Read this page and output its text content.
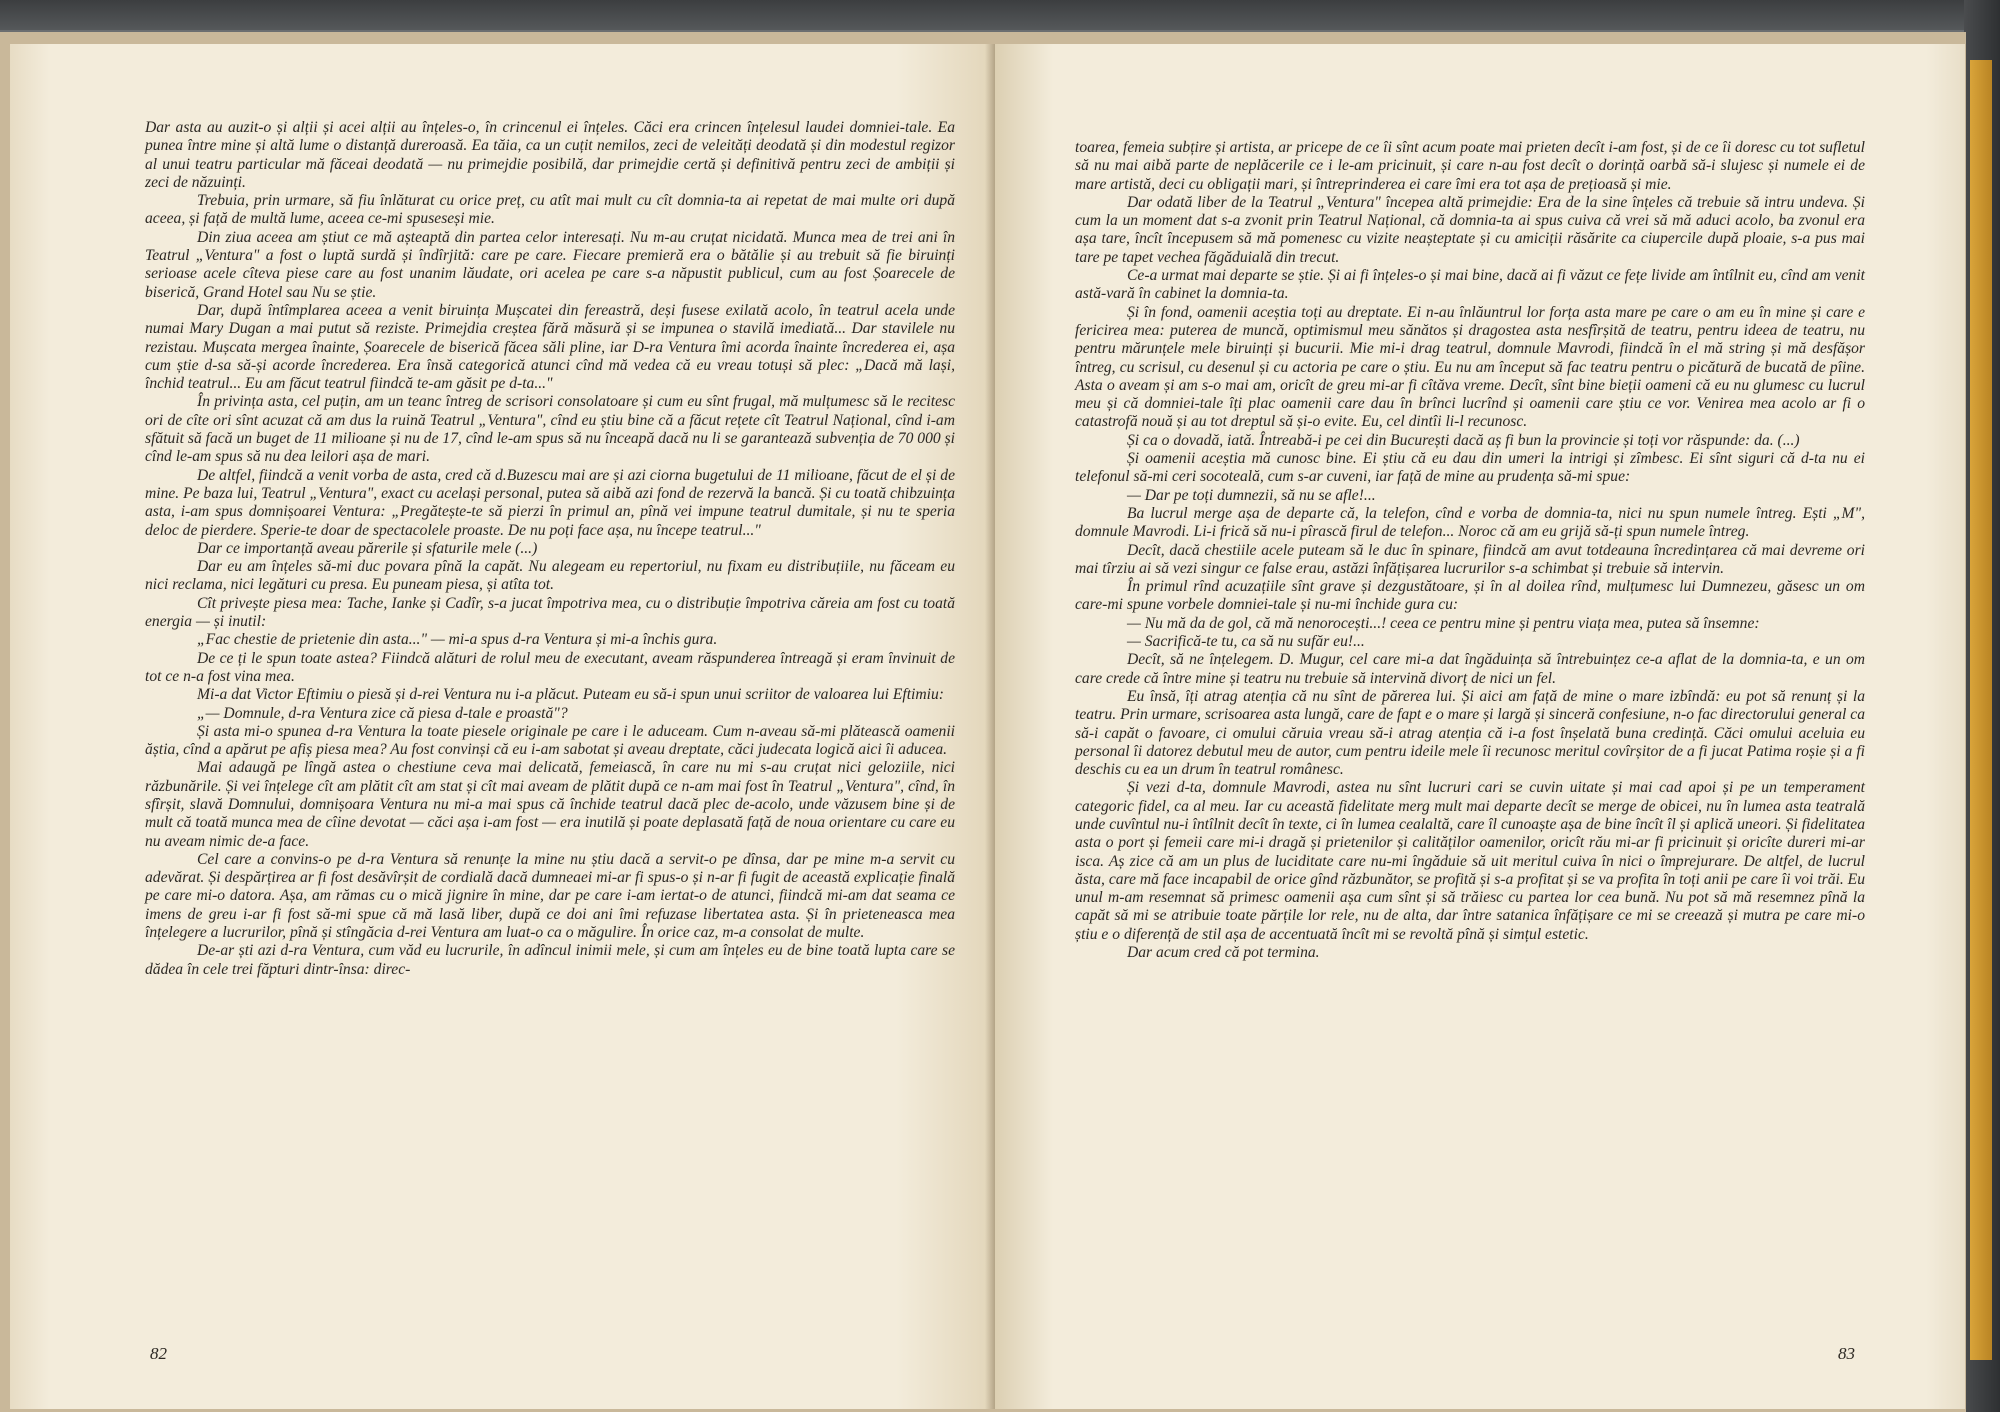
Dar asta au auzit-o și alții și acei alții au înțeles-o, în crincenul ei înțeles. Căci era crincen înțelesul laudei domniei-tale. Ea punea între mine și altă lume o distanță dureroasă. Ea tăia, ca un cuțit nemilos, zeci de veleități deodată și din modestul regizor al unui teatru particular mă făceai deodată — nu primejdie posibilă, dar primejdie certă și definitivă pentru zeci de ambiții și zeci de năzuinți.

Trebuia, prin urmare, să fiu înlăturat cu orice preț, cu atît mai mult cu cît domnia-ta ai repetat de mai multe ori după aceea, și față de multă lume, aceea ce-mi spuseseși mie.

Din ziua aceea am știut ce mă așteaptă din partea celor interesați. Nu m-au cruțat nicidată. Munca mea de trei ani în Teatrul „Ventura" a fost o luptă surdă și îndîrjită: care pe care. Fiecare premieră era o bătălie și au trebuit să fie biruinți serioase acele cîteva piese care au fost unanim lăudate, ori acelea pe care s-a năpustit publicul, cum au fost Șoarecele de biserică, Grand Hotel sau Nu se știe.

Dar, după întîmplarea aceea a venit biruința Mușcatei din fereastră, deși fusese exilată acolo, în teatrul acela unde numai Mary Dugan a mai putut să reziste. Primejdia creștea fără măsură și se impunea o stavilă imediată... Dar stavilele nu rezistau. Mușcata mergea înainte, Șoarecele de biserică făcea săli pline, iar D-ra Ventura îmi acorda înainte încrederea ei, așa cum știe d-sa să-și acorde încrederea. Era însă categorică atunci cînd mă vedea că eu vreau totuși să plec: „Dacă mă lași, închid teatrul... Eu am făcut teatrul fiindcă te-am găsit pe d-ta..."

În privința asta, cel puțin, am un teanc întreg de scrisori consolatoare și cum eu sînt frugal, mă mulțumesc să le recitesc ori de cîte ori sînt acuzat că am dus la ruină Teatrul „Ventura", cînd eu știu bine că a făcut rețete cît Teatrul Național, cînd i-am sfătuit să facă un buget de 11 milioane și nu de 17, cînd le-am spus să nu înceapă dacă nu li se garantează subvenția de 70 000 și cînd le-am spus să nu dea leilori așa de mari.

De altfel, fiindcă a venit vorba de asta, cred că d.Buzescu mai are și azi ciorna bugetului de 11 milioane, făcut de el și de mine. Pe baza lui, Teatrul „Ventura", exact cu același personal, putea să aibă azi fond de rezervă la bancă. Și cu toată chibzuința asta, i-am spus domnișoarei Ventura: „Pregătește-te să pierzi în primul an, pînă vei impune teatrul dumitale, și nu te speria deloc de pierdere. Sperie-te doar de spectacolele proaste. De nu poți face așa, nu începe teatrul..."

Dar ce importanță aveau părerile și sfaturile mele (...)

Dar eu am înțeles să-mi duc povara pînă la capăt. Nu alegeam eu repertoriul, nu fixam eu distribuțiile, nu făceam eu nici reclama, nici legături cu presa. Eu puneam piesa, și atîta tot.

Cît privește piesa mea: Tache, Ianke și Cadîr, s-a jucat împotriva mea, cu o distribuție împotriva căreia am fost cu toată energia — și inutil:

„Fac chestie de prietenie din asta..." — mi-a spus d-ra Ventura și mi-a închis gura.

De ce ți le spun toate astea? Fiindcă alături de rolul meu de executant, aveam răspunderea întreagă și eram învinuit de tot ce n-a fost vina mea.

Mi-a dat Victor Eftimiu o piesă și d-rei Ventura nu i-a plăcut. Puteam eu să-i spun unui scriitor de valoarea lui Eftimiu:

„— Domnule, d-ra Ventura zice că piesa d-tale e proastă"?

Și asta mi-o spunea d-ra Ventura la toate piesele originale pe care i le aduceam. Cum n-aveau să-mi plătească oamenii ăștia, cînd a apărut pe afiș piesa mea? Au fost convinși că eu i-am sabotat și aveau dreptate, căci judecata logică aici îi aducea.

Mai adaugă pe lîngă astea o chestiune ceva mai delicată, femeiască, în care nu mi s-au cruțat nici geloziile, nici răzbunările. Și vei înțelege cît am plătit cît am stat și cît mai aveam de plătit după ce n-am mai fost în Teatrul „Ventura", cînd, în sfîrșit, slavă Domnului, domnișoara Ventura nu mi-a mai spus că închide teatrul dacă plec de-acolo, unde văzusem bine și de mult că toată munca mea de cîine devotat — căci așa i-am fost — era inutilă și poate deplasată față de noua orientare cu care eu nu aveam nimic de-a face.

Cel care a convins-o pe d-ra Ventura să renunțe la mine nu știu dacă a servit-o pe dînsa, dar pe mine m-a servit cu adevărat. Și despărțirea ar fi fost desăvîrșit de cordială dacă dumneaei mi-ar fi spus-o și n-ar fi fugit de această explicație finală pe care mi-o datora. Așa, am rămas cu o mică jignire în mine, dar pe care i-am iertat-o de atunci, fiindcă mi-am dat seama ce imens de greu i-ar fi fost să-mi spue că mă lasă liber, după ce doi ani îmi refuzase libertatea asta. Și în prieteneasca mea înțelegere a lucrurilor, pînă și stîngăcia d-rei Ventura am luat-o ca o măgulire. În orice caz, m-a consolat de multe.

De-ar ști azi d-ra Ventura, cum văd eu lucrurile, în adîncul inimii mele, și cum am înțeles eu de bine toată lupta care se dădea în cele trei făpturi dintr-însa: direc-

82

toarea, femeia subțire și artista, ar pricepe de ce îi sînt acum poate mai prieten decît i-am fost, și de ce îi doresc cu tot sufletul să nu mai aibă parte de neplăcerile ce i le-am pricinuit, și care n-au fost decît o dorință oarbă să-i slujesc și numele ei de mare artistă, deci cu obligații mari, și întreprinderea ei care îmi era tot așa de prețioasă și mie.

Dar odată liber de la Teatrul „Ventura" începea altă primejdie: Era de la sine înțeles că trebuie să intru undeva. Și cum la un moment dat s-a zvonit prin Teatrul Național, că domnia-ta ai spus cuiva că vrei să mă aduci acolo, ba zvonul era așa tare, încît începusem să mă pomenesc cu vizite neașteptate și cu amiciții răsărite ca ciupercile după ploaie, s-a pus mai tare pe tapet vechea făgăduială din trecut.

Ce-a urmat mai departe se știe. Și ai fi înțeles-o și mai bine, dacă ai fi văzut ce fețe livide am întîlnit eu, cînd am venit astă-vară în cabinet la domnia-ta.

Și în fond, oamenii aceștia toți au dreptate. Ei n-au înlăuntrul lor forța asta mare pe care o am eu în mine și care e fericirea mea: puterea de muncă, optimismul meu sănătos și dragostea asta nesfîrșită de teatru, pentru ideea de teatru, nu pentru mărunțele mele biruinți și bucurii. Mie mi-i drag teatrul, domnule Mavrodi, fiindcă în el mă string și mă desfășor întreg, cu scrisul, cu desenul și cu actoria pe care o știu. Eu nu am început să fac teatru pentru o picătură de bucată de pîine. Asta o aveam și am s-o mai am, oricît de greu mi-ar fi cîtăva vreme. Decît, sînt bine bieții oameni că eu nu glumesc cu lucrul meu și că domniei-tale îți plac oamenii care dau în brînci lucrînd și oamenii care știu ce vor. Venirea mea acolo ar fi o catastrofă nouă și au tot dreptul să și-o evite. Eu, cel dintîi li-l recunosc.

Și ca o dovadă, iată. Întreabă-i pe cei din București dacă aș fi bun la provincie și toți vor răspunde: da. (...)

Și oamenii aceștia mă cunosc bine. Ei știu că eu dau din umeri la intrigi și zîmbesc. Ei sînt siguri că d-ta nu ei telefonul să-mi ceri socoteală, cum s-ar cuveni, iar față de mine au prudența să-mi spue:

— Dar pe toți dumnezii, să nu se afle!...

Ba lucrul merge așa de departe că, la telefon, cînd e vorba de domnia-ta, nici nu spun numele întreg. Ești „M", domnule Mavrodi. Li-i frică să nu-i pîrască firul de telefon... Noroc că am eu grijă să-ți spun numele întreg.

Decît, dacă chestiile acele puteam să le duc în spinare, fiindcă am avut totdeauna încredințarea că mai devreme ori mai tîrziu ai să vezi singur ce false erau, astăzi înfățișarea lucrurilor s-a schimbat și trebuie să intervin.

În primul rînd acuzațiile sînt grave și dezgustătoare, și în al doilea rînd, mulțumesc lui Dumnezeu, găsesc un om care-mi spune vorbele domniei-tale și nu-mi închide gura cu:

— Nu mă da de gol, că mă nenorocești...! ceea ce pentru mine și pentru viața mea, putea să însemne:

— Sacrifică-te tu, ca să nu sufăr eu!...

Decît, să ne înțelegem. D. Mugur, cel care mi-a dat îngăduința să întrebuințez ce-a aflat de la domnia-ta, e un om care crede că între mine și teatru nu trebuie să intervină divorț de nici un fel.

Eu însă, îți atrag atenția că nu sînt de părerea lui. Și aici am față de mine o mare izbîndă: eu pot să renunț și la teatru. Prin urmare, scrisoarea asta lungă, care de fapt e o mare și largă și sinceră confesiune, n-o fac directorului general ca să-i capăt o favoare, ci omului căruia vreau să-i atrag atenția că i-a fost înșelată buna credință. Căci omului aceluia eu personal îi datorez debutul meu de autor, cum pentru ideile mele îi recunosc meritul covîrșitor de a fi jucat Patima roșie și a fi deschis cu ea un drum în teatrul românesc.

Și vezi d-ta, domnule Mavrodi, astea nu sînt lucruri cari se cuvin uitate și mai cad apoi și pe un temperament categoric fidel, ca al meu. Iar cu această fidelitate merg mult mai departe decît se merge de obicei, nu în lumea asta teatrală unde cuvîntul nu-i întîlnit decît în texte, ci în lumea cealaltă, care îl cunoaște așa de bine încît îl și aplică uneori. Și fidelitatea asta o port și femeii care mi-i dragă și prietenilor și calităților oamenilor, oricît rău mi-ar fi pricinuit și oricîte dureri mi-ar isca. Aș zice că am un plus de luciditate care nu-mi îngăduie să uit meritul cuiva în nici o împrejurare. De altfel, de lucrul ăsta, care mă face incapabil de orice gînd răzbunător, se profită și s-a profitat și se va profita în toți anii pe care îi voi trăi. Eu unul m-am resemnat să primesc oamenii așa cum sînt și să trăiesc cu partea lor cea bună. Nu pot să mă resemnez pînă la capăt să mi se atribuie toate părțile lor rele, nu de alta, dar între satanica înfățișare ce mi se creează și mutra pe care mi-o știu e o diferență de stil așa de accentuată încît mi se revoltă pînă și simțul estetic.

Dar acum cred că pot termina.

83
